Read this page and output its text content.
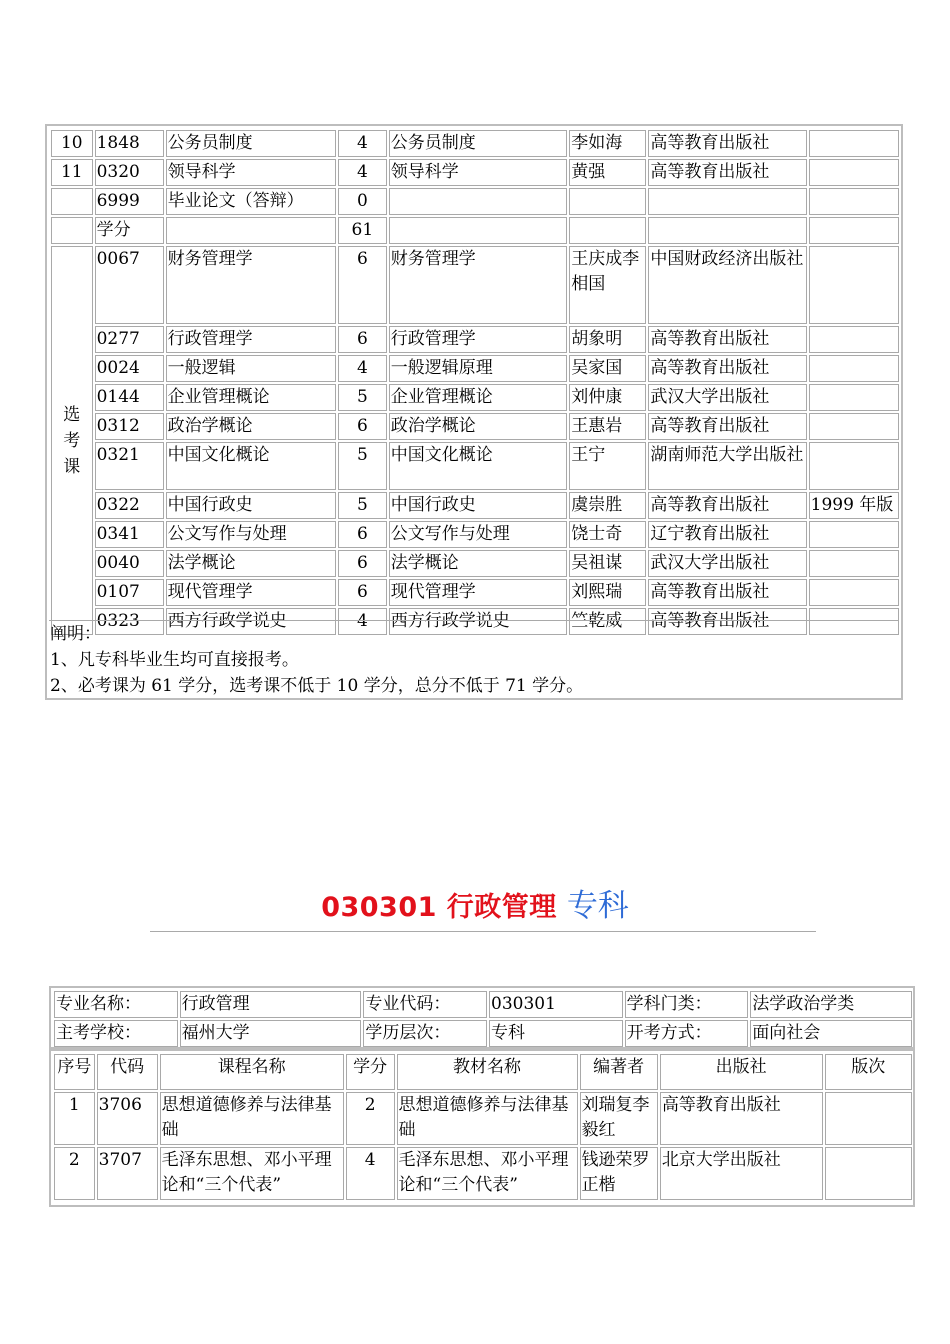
10	1848	公务员制度	4	公务员制度	李如海	高等教育出版社	
11	0320	领导科学	4	领导科学	黄强	高等教育出版社	
	6999	毕业论文（答辩）	0				
	学分		61				

选
考
课	0067	财务管理学	6	财务管理学	王庆成李相国	中国财政经济出版社	
	0277	行政管理学	6	行政管理学	胡象明	高等教育出版社	
	0024	一般逻辑	4	一般逻辑原理	吴家国	高等教育出版社	
	0144	企业管理概论	5	企业管理概论	刘仲康	武汉大学出版社	
	0312	政治学概论	6	政治学概论	王惠岩	高等教育出版社	
	0321	中国文化概论	5	中国文化概论	王宁	湖南师范大学出版社	
	0322	中国行政史	5	中国行政史	虞崇胜	高等教育出版社	1999 年版
	0341	公文写作与处理	6	公文写作与处理	饶士奇	辽宁教育出版社	
	0040	法学概论	6	法学概论	吴祖谋	武汉大学出版社	
	0107	现代管理学	6	现代管理学	刘熙瑞	高等教育出版社	
	0323	西方行政学说史	4	西方行政学说史	竺乾威	高等教育出版社	
阐明：
1、凡专科毕业生均可直接报考。
2、必考课为 61 学分，选考课不低于 10 学分，总分不低于 71 学分。
030301 行政管理 专科
专业名称：	行政管理	专业代码：	030301	学科门类：	法学政治学类
主考学校：	福州大学	学历层次：	专科	开考方式：	面向社会
序号	代码	课程名称	学分	教材名称	编著者	出版社	版次
1	3706	思想道德修养与法律基础	2	思想道德修养与法律基础	刘瑞复李毅红	高等教育出版社	
2	3707	毛泽东思想、邓小平理论和“三个代表”	4	毛泽东思想、邓小平理论和“三个代表”	钱逊荣罗正楷	北京大学出版社	
